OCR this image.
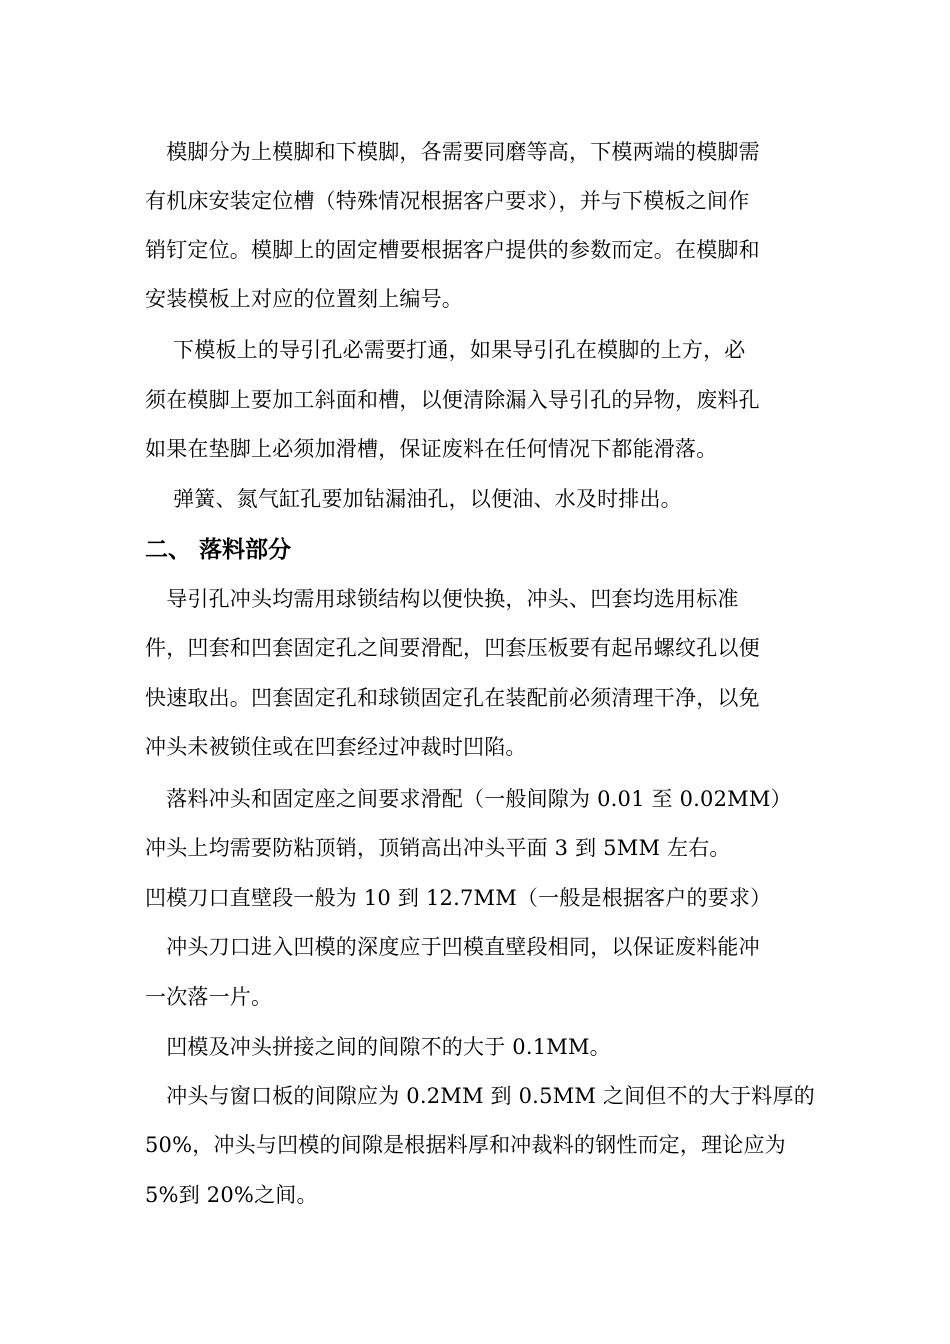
　模脚分为上模脚和下模脚，各需要同磨等高，下模两端的模脚需
有机床安装定位槽（特殊情况根据客户要求），并与下模板之间作
销钉定位。模脚上的固定槽要根据客户提供的参数而定。在模脚和
安装模板上对应的位置刻上编号。
　 下模板上的导引孔必需要打通，如果导引孔在模脚的上方，必
须在模脚上要加工斜面和槽，以便清除漏入导引孔的异物，废料孔
如果在垫脚上必须加滑槽，保证废料在任何情况下都能滑落。
　 弹簧、氮气缸孔要加钻漏油孔，以便油、水及时排出。
二、 落料部分
　导引孔冲头均需用球锁结构以便快换，冲头、凹套均选用标准
件，凹套和凹套固定孔之间要滑配，凹套压板要有起吊螺纹孔以便
快速取出。凹套固定孔和球锁固定孔在装配前必须清理干净，以免
冲头未被锁住或在凹套经过冲裁时凹陷。
　落料冲头和固定座之间要求滑配（一般间隙为 0.01 至 0.02MM）
冲头上均需要防粘顶销，顶销高出冲头平面 3 到 5MM 左右。
凹模刀口直壁段一般为 10 到 12.7MM（一般是根据客户的要求）
　冲头刀口进入凹模的深度应于凹模直壁段相同，以保证废料能冲
一次落一片。
　凹模及冲头拼接之间的间隙不的大于 0.1MM。
　冲头与窗口板的间隙应为 0.2MM 到 0.5MM 之间但不的大于料厚的
50%，冲头与凹模的间隙是根据料厚和冲裁料的钢性而定，理论应为
5%到 20%之间。
